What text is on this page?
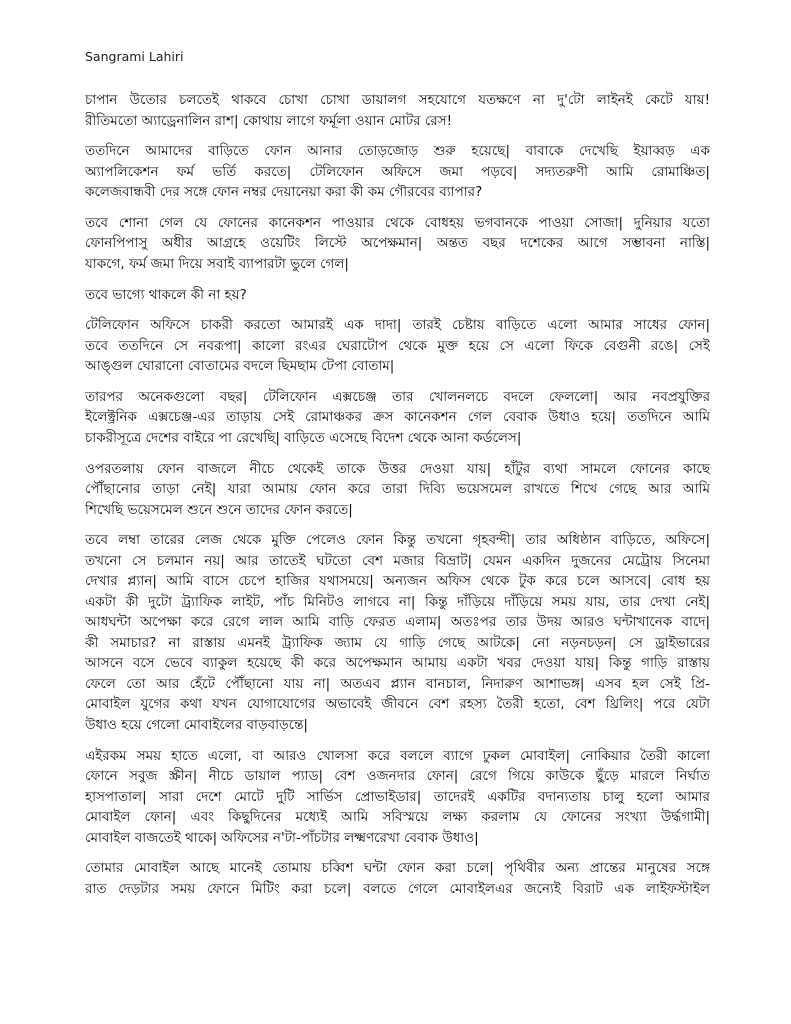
Sangrami Lahiri
চাপান উতোর চলতেই থাকবে চোখা চোখা ডায়ালগ সহযোগে যতক্ষণে না দু'টো লাইনই কেটে যায়!
রীতিমতো অ্যাড্রেনালিন রাশ| কোথায় লাগে ফর্মূলা ওয়ান মোটর রেস!
ততদিনে আমাদের বাড়িতে ফোন আনার তোড়জোড় শুরু হয়েছে| বাবাকে দেখেছি ইয়াব্বড় এক
অ্যাপলিকেশন ফর্ম ভর্তি করতে| টেলিফোন অফিসে জমা পড়বে| সদ্যতরুণী আমি রোমাঞ্চিত|
কলেজবান্ধবী দের সঙ্গে ফোন নম্বর দেয়ানেয়া করা কী কম গৌরবের ব্যাপার?
তবে শোনা গেল যে ফোনের কানেকশন পাওয়ার থেকে বোধহয় ভগবানকে পাওয়া সোজা| দুনিয়ার যতো
ফোনপিপাসু অধীর আগ্রহে ওয়েটিং লিস্টে অপেক্ষমান| অন্তত বছর দশেকের আগে সম্ভাবনা নাস্তি|
যাকগে, ফর্ম জমা দিয়ে সবাই ব্যাপারটা ভুলে গেল|
তবে ভাগ্যে থাকলে কী না হয়?
টেলিফোন অফিসে চাকরী করতো আমারই এক দাদা| তারই চেষ্টায় বাড়িতে এলো আমার সাধের ফোন|
তবে ততদিনে সে নবরূপা| কালো রংএর ঘেরাটোপ থেকে মুক্ত হয়ে সে এলো ফিকে বেগুনী রঙে| সেই
আঙ্গুল ঘোরানো বোতামের বদলে ছিমছাম টেপা বোতাম|
তারপর অনেকগুলো বছর| টেলিফোন এক্সচেঞ্জ তার খোলনলচে বদলে ফেললো| আর নবপ্রযুক্তির
ইলেক্ট্রনিক এক্সচেঞ্জ-এর তাড়ায় সেই রোমাঞ্চকর ক্রস কানেকশন গেল বেবাক উধাও হয়ে| ততদিনে আমি
চাকরীসূত্রে দেশের বাইরে পা রেখেছি| বাড়িতে এসেছে বিদেশ থেকে আনা কর্ডলেস|
ওপরতলায় ফোন বাজলে নীচে থেকেই তাকে উত্তর দেওয়া যায়| হাঁটুর ব্যথা সামলে ফোনের কাছে
পৌঁছানোর তাড়া নেই| যারা আমায় ফোন করে তারা দিব্যি ভয়েসমেল রাখতে শিখে গেছে আর আমি
শিখেছি ভয়েসমেল শুনে শুনে তাদের ফোন করতে|
তবে লম্বা তারের লেজ থেকে মুক্তি পেলেও ফোন কিন্তু তখনো গৃহবন্দী| তার অধিষ্ঠান বাড়িতে, অফিসে|
তখনো সে চলমান নয়| আর তাতেই ঘটতো বেশ মজার বিভ্রাট| যেমন একদিন দুজনের মেট্রোয় সিনেমা
দেখার প্ল্যান| আমি বাসে চেপে হাজির যথাসময়ে| অন্যজন অফিস থেকে টুক করে চলে আসবে| বোধ হয়
একটা কী দুটো ট্র্যাফিক লাইট, পাঁচ মিনিটও লাগবে না| কিন্তু দাঁড়িয়ে দাঁড়িয়ে সময় যায়, তার দেখা নেই|
আধঘন্টা অপেক্ষা করে রেগে লাল আমি বাড়ি ফেরত এলাম| অতঃপর তার উদয় আরও ঘন্টাখানেক বাদে|
কী সমাচার? না রাস্তায় এমনই ট্র্যাফিক জ্যাম যে গাড়ি গেছে আটকে| নো নড়নচড়ন| সে ড্রাইভারের
আসনে বসে ভেবে ব্যাকুল হয়েছে কী করে অপেক্ষমান আমায় একটা খবর দেওয়া যায়| কিন্তু গাড়ি রাস্তায়
ফেলে তো আর হেঁটে পৌঁছানো যায় না| অতএব প্ল্যান বানচাল, নিদারুণ আশাভঙ্গ| এসব হল সেই প্রি-
মোবাইল যুগের কথা যখন যোগাযোগের অভাবেই জীবনে বেশ রহস্য তৈরী হতো, বেশ থ্রিলিং| পরে যেটা
উধাও হয়ে গেলো মোবাইলের বাড়বাড়ন্তে|
এইরকম সময় হাতে এলো, বা আরও খোলসা করে বললে ব্যাগে ঢুকল মোবাইল| নোকিয়ার তৈরী কালো
ফোনে সবুজ স্ক্রীন| নীচে ডায়াল প্যাড| বেশ ওজনদার ফোন| রেগে গিয়ে কাউকে ছুঁড়ে মারলে নির্ঘাত
হাসপাতাল| সারা দেশে মোটে দুটি সার্ভিস প্রোভাইডার| তাদেরই একটির বদান্যতায় চালু হলো আমার
মোবাইল ফোন| এবং কিছুদিনের মধ্যেই আমি সবিস্ময়ে লক্ষ্য করলাম যে ফোনের সংখ্যা উর্দ্ধগামী|
মোবাইল বাজতেই থাকে| অফিসের ন'টা-পাঁচটার লক্ষ্মণরেখা বেবাক উধাও|
তোমার মোবাইল আছে মানেই তোমায় চব্বিশ ঘন্টা ফোন করা চলে| পৃথিবীর অন্য প্রান্তের মানুষের সঙ্গে
রাত দেড়টার সময় ফোনে মিটিং করা চলে| বলতে গেলে মোবাইলএর জন্যেই বিরাট এক লাইফস্টাইল
